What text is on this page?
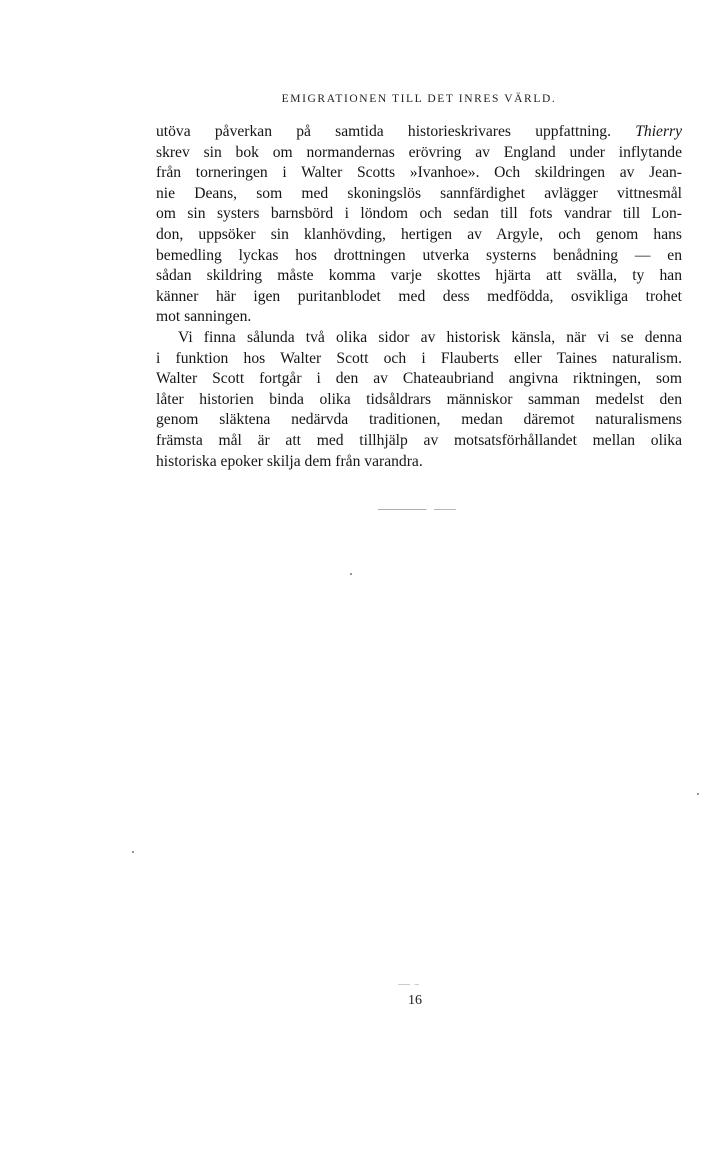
EMIGRATIONEN TILL DET INRES VÄRLD.
utöva påverkan på samtida historieskrivares uppfattning. Thierry
skrev sin bok om normandernas erövring av England under inflytande
från torneringen i Walter Scotts »Ivanhoe». Och skildringen av Jean-
nie Deans, som med skoningslös sannfärdighet avlägger vittnesmål
om sin systers barnsbörd i löndom och sedan till fots vandrar till Lon-
don, uppsöker sin klanhövding, hertigen av Argyle, och genom hans
bemedling lyckas hos drottningen utverka systerns benådning — en
sådan skildring måste komma varje skottes hjärta att svälla, ty han
känner här igen puritanblodet med dess medfödda, osvikliga trohet
mot sanningen.
Vi finna sålunda två olika sidor av historisk känsla, när vi se denna
i funktion hos Walter Scott och i Flauberts eller Taines naturalism.
Walter Scott fortgår i den av Chateaubriand angivna riktningen, som
låter historien binda olika tidsåldrars människor samman medelst den
genom släktena nedärvda traditionen, medan däremot naturalismens
främsta mål är att med tillhjälp av motsatsförhållandet mellan olika
historiska epoker skilja dem från varandra.
16
